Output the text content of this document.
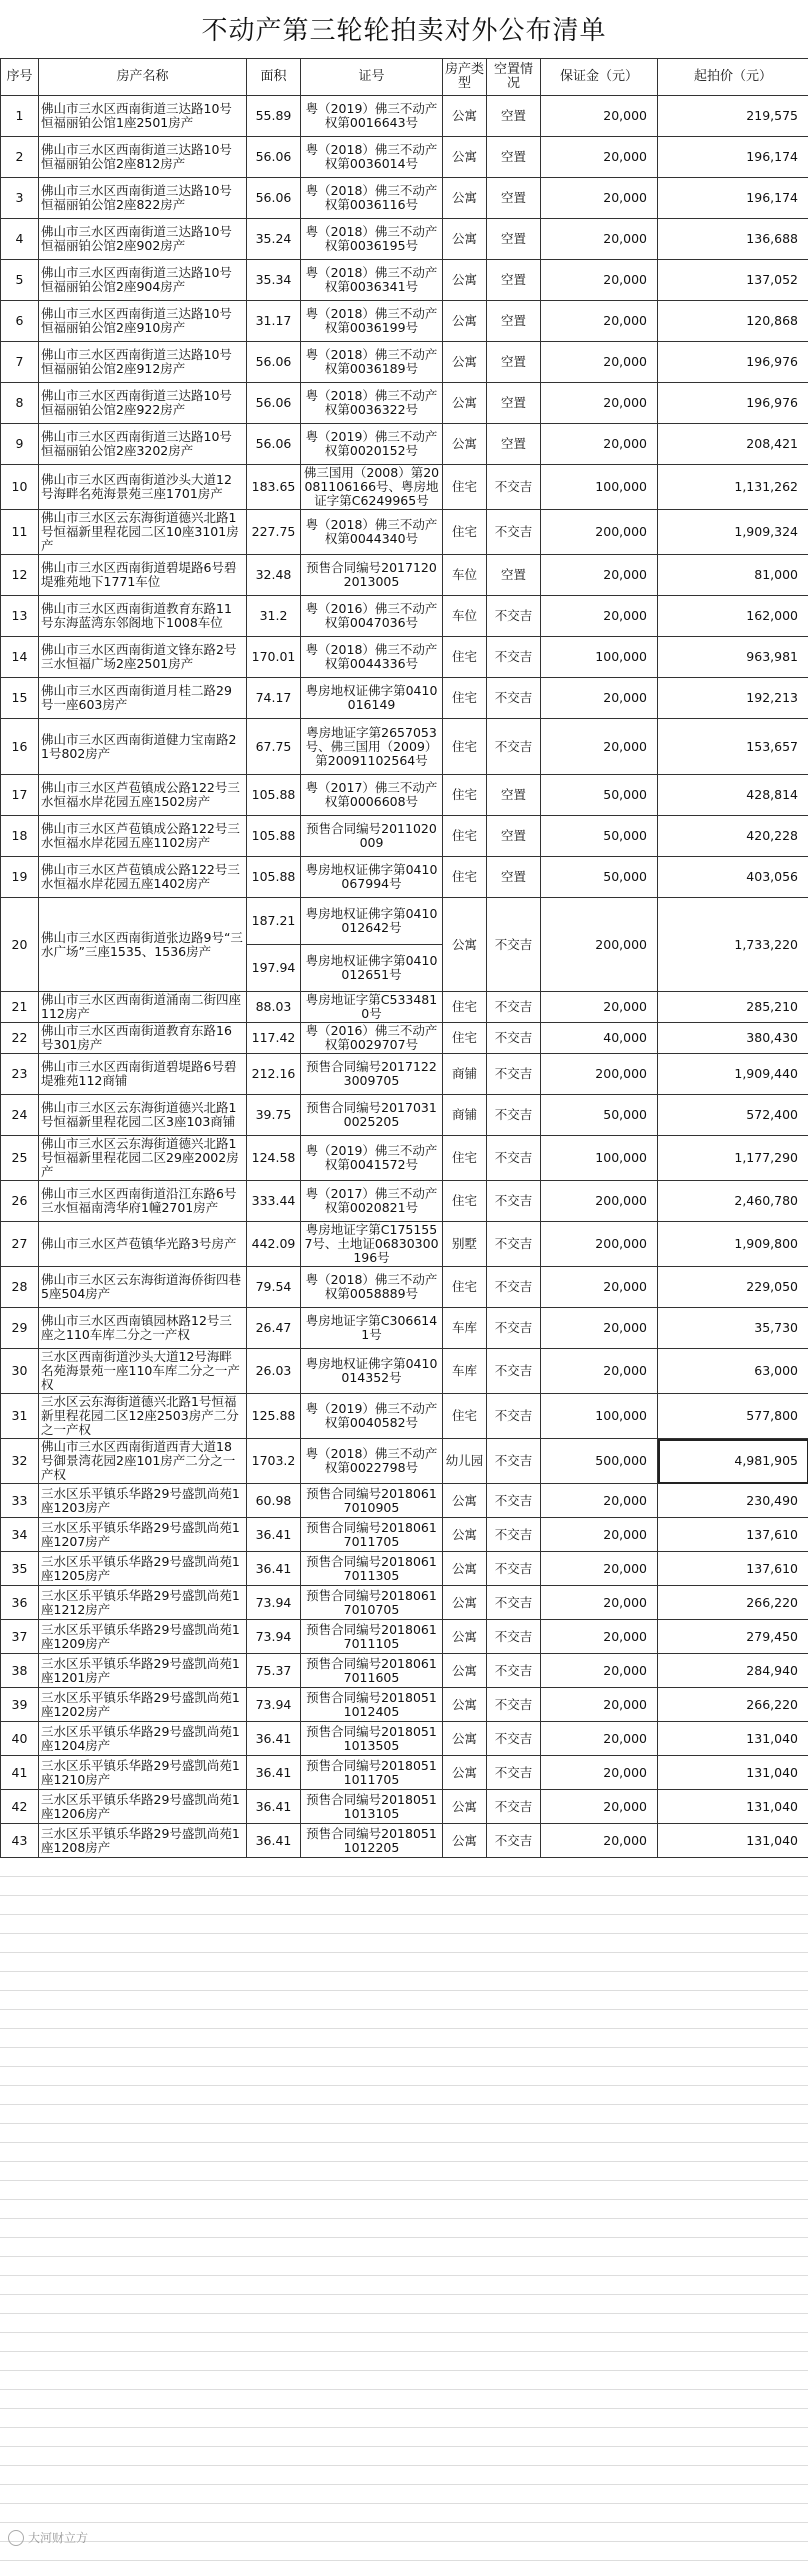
不动产第三轮轮拍卖对外公布清单
序号	房产名称	面积	证号	房产类型	空置情况	保证金（元）	起拍价（元）
1	佛山市三水区西南街道三达路10号恒福丽铂公馆1座2501房产	55.89	粤（2019）佛三不动产权第0016643号	公寓	空置	20,000	219,575
2	佛山市三水区西南街道三达路10号恒福丽铂公馆2座812房产	56.06	粤（2018）佛三不动产权第0036014号	公寓	空置	20,000	196,174
3	佛山市三水区西南街道三达路10号恒福丽铂公馆2座822房产	56.06	粤（2018）佛三不动产权第0036116号	公寓	空置	20,000	196,174
4	佛山市三水区西南街道三达路10号恒福丽铂公馆2座902房产	35.24	粤（2018）佛三不动产权第0036195号	公寓	空置	20,000	136,688
5	佛山市三水区西南街道三达路10号恒福丽铂公馆2座904房产	35.34	粤（2018）佛三不动产权第0036341号	公寓	空置	20,000	137,052
6	佛山市三水区西南街道三达路10号恒福丽铂公馆2座910房产	31.17	粤（2018）佛三不动产权第0036199号	公寓	空置	20,000	120,868
7	佛山市三水区西南街道三达路10号恒福丽铂公馆2座912房产	56.06	粤（2018）佛三不动产权第0036189号	公寓	空置	20,000	196,976
8	佛山市三水区西南街道三达路10号恒福丽铂公馆2座922房产	56.06	粤（2018）佛三不动产权第0036322号	公寓	空置	20,000	196,976
9	佛山市三水区西南街道三达路10号恒福丽铂公馆2座3202房产	56.06	粤（2019）佛三不动产权第0020152号	公寓	空置	20,000	208,421
10	佛山市三水区西南街道沙头大道12号海畔名苑海景苑三座1701房产	183.65	佛三国用（2008）第20081106166号、粤房地证字第C6249965号	住宅	不交吉	100,000	1,131,262
11	佛山市三水区云东海街道德兴北路1号恒福新里程花园二区10座3101房产	227.75	粤（2018）佛三不动产权第0044340号	住宅	不交吉	200,000	1,909,324
12	佛山市三水区西南街道碧堤路6号碧堤雅苑地下1771车位	32.48	预售合同编号20171202013005	车位	空置	20,000	81,000
13	佛山市三水区西南街道教育东路11号东海蓝湾东邻阁地下1008车位	31.2	粤（2016）佛三不动产权第0047036号	车位	不交吉	20,000	162,000
14	佛山市三水区西南街道文锋东路2号三水恒福广场2座2501房产	170.01	粤（2018）佛三不动产权第0044336号	住宅	不交吉	100,000	963,981
15	佛山市三水区西南街道月桂二路29号一座603房产	74.17	粤房地权证佛字第0410016149	住宅	不交吉	20,000	192,213
16	佛山市三水区西南街道健力宝南路21号802房产	67.75	粤房地证字第2657053号、佛三国用（2009）第20091102564号	住宅	不交吉	20,000	153,657
17	佛山市三水区芦苞镇成公路122号三水恒福水岸花园五座1502房产	105.88	粤（2017）佛三不动产权第0006608号	住宅	空置	50,000	428,814
18	佛山市三水区芦苞镇成公路122号三水恒福水岸花园五座1102房产	105.88	预售合同编号2011020009	住宅	空置	50,000	420,228
19	佛山市三水区芦苞镇成公路122号三水恒福水岸花园五座1402房产	105.88	粤房地权证佛字第0410067994号	住宅	空置	50,000	403,056
20	佛山市三水区西南街道张边路9号“三水广场”三座1535、1536房产	187.21	粤房地权证佛字第0410012642号	公寓	不交吉	200,000	1,733,220
		197.94	粤房地权证佛字第0410012651号				
21	佛山市三水区西南街道涌南二街四座112房产	88.03	粤房地证字第C5334810号	住宅	不交吉	20,000	285,210
22	佛山市三水区西南街道教育东路16号301房产	117.42	粤（2016）佛三不动产权第0029707号	住宅	不交吉	40,000	380,430
23	佛山市三水区西南街道碧堤路6号碧堤雅苑112商铺	212.16	预售合同编号20171223009705	商铺	不交吉	200,000	1,909,440
24	佛山市三水区云东海街道德兴北路1号恒福新里程花园二区3座103商铺	39.75	预售合同编号20170310025205	商铺	不交吉	50,000	572,400
25	佛山市三水区云东海街道德兴北路1号恒福新里程花园二区29座2002房产	124.58	粤（2019）佛三不动产权第0041572号	住宅	不交吉	100,000	1,177,290
26	佛山市三水区西南街道沿江东路6号三水恒福南湾华府1幢2701房产	333.44	粤（2017）佛三不动产权第0020821号	住宅	不交吉	200,000	2,460,780
27	佛山市三水区芦苞镇华光路3号房产	442.09	粤房地证字第C1751557号、土地证06830300196号	别墅	不交吉	200,000	1,909,800
28	佛山市三水区云东海街道海侨街四巷5座504房产	79.54	粤（2018）佛三不动产权第0058889号	住宅	不交吉	20,000	229,050
29	佛山市三水区西南镇园林路12号三座之110车库二分之一产权	26.47	粤房地证字第C3066141号	车库	不交吉	20,000	35,730
30	三水区西南街道沙头大道12号海畔名苑海景苑一座110车库二分之一产权	26.03	粤房地权证佛字第0410014352号	车库	不交吉	20,000	63,000
31	三水区云东海街道德兴北路1号恒福新里程花园二区12座2503房产二分之一产权	125.88	粤（2019）佛三不动产权第0040582号	住宅	不交吉	100,000	577,800
32	佛山市三水区西南街道西青大道18号御景湾花园2座101房产二分之一产权	1703.2	粤（2018）佛三不动产权第0022798号	幼儿园	不交吉	500,000	4,981,905
33	三水区乐平镇乐华路29号盛凯尚苑1座1203房产	60.98	预售合同编号20180617010905	公寓	不交吉	20,000	230,490
34	三水区乐平镇乐华路29号盛凯尚苑1座1207房产	36.41	预售合同编号20180617011705	公寓	不交吉	20,000	137,610
35	三水区乐平镇乐华路29号盛凯尚苑1座1205房产	36.41	预售合同编号20180617011305	公寓	不交吉	20,000	137,610
36	三水区乐平镇乐华路29号盛凯尚苑1座1212房产	73.94	预售合同编号20180617010705	公寓	不交吉	20,000	266,220
37	三水区乐平镇乐华路29号盛凯尚苑1座1209房产	73.94	预售合同编号20180617011105	公寓	不交吉	20,000	279,450
38	三水区乐平镇乐华路29号盛凯尚苑1座1201房产	75.37	预售合同编号20180617011605	公寓	不交吉	20,000	284,940
39	三水区乐平镇乐华路29号盛凯尚苑1座1202房产	73.94	预售合同编号20180511012405	公寓	不交吉	20,000	266,220
40	三水区乐平镇乐华路29号盛凯尚苑1座1204房产	36.41	预售合同编号20180511013505	公寓	不交吉	20,000	131,040
41	三水区乐平镇乐华路29号盛凯尚苑1座1210房产	36.41	预售合同编号20180511011705	公寓	不交吉	20,000	131,040
42	三水区乐平镇乐华路29号盛凯尚苑1座1206房产	36.41	预售合同编号20180511013105	公寓	不交吉	20,000	131,040
43	三水区乐平镇乐华路29号盛凯尚苑1座1208房产	36.41	预售合同编号20180511012205	公寓	不交吉	20,000	131,040
大河财立方
